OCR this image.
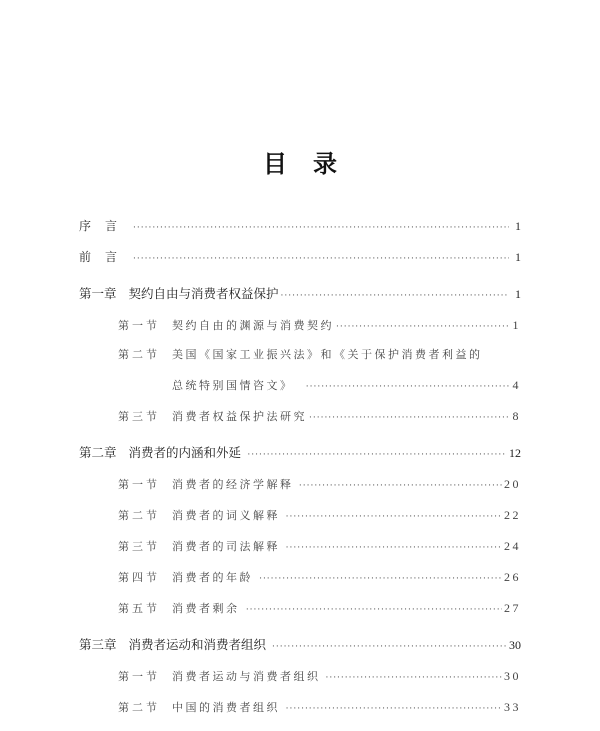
目录
序言 ·····	1
前言 ·····	1
第一章 契约自由与消费者权益保护 ·····	1
第一节 契约自由的渊源与消费契约 ·····	1
第二节 美国《国家工业振兴法》和《关于保护消费者利益的
总统特别国情咨文》 ·····	4
第三节 消费者权益保护法研究 ·····	8
第二章 消费者的内涵和外延 ·····	12
第一节 消费者的经济学解释 ·····	20
第二节 消费者的词义解释 ·····	22
第三节 消费者的司法解释 ·····	24
第四节 消费者的年龄 ·····	26
第五节 消费者剩余 ·····	27
第三章 消费者运动和消费者组织 ·····	30
第一节 消费者运动与消费者组织 ·····	30
第二节 中国的消费者组织 ·····	33
